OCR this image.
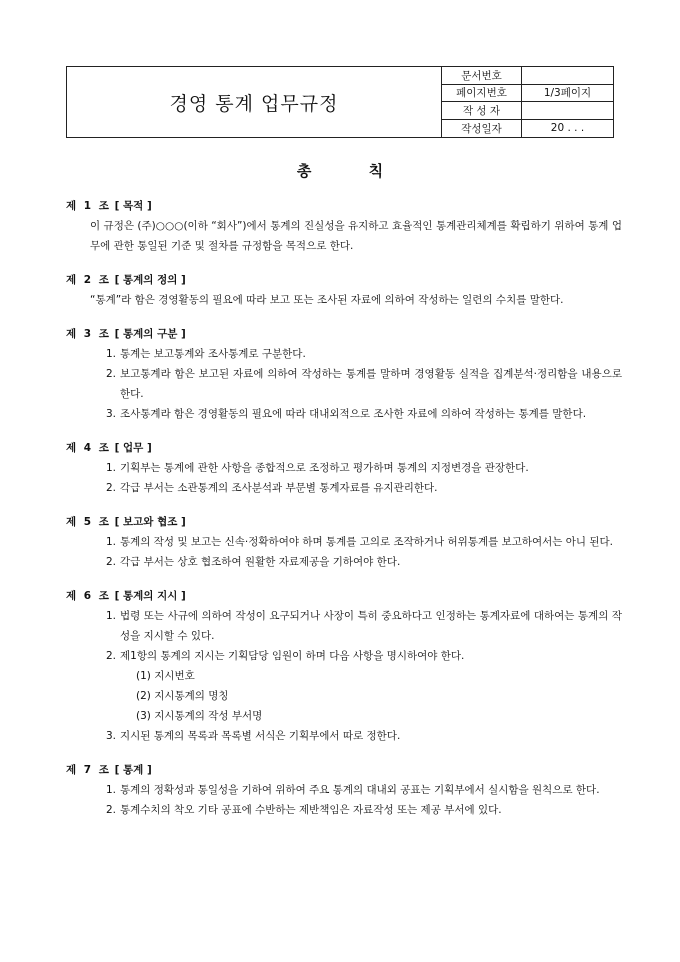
경영 통계 업무규정
문서번호
페이지번호	1/3페이지
작 성 자
작성일자	20 . . .
총 칙
제 1 조 [ 목적 ]
이 규정은 (주)○○○(이하 “회사”)에서 통계의 진실성을 유지하고 효율적인 통계관리체계를 확립하기 위하여 통계 업무에 관한 통일된 기준 및 절차를 규정함을 목적으로 한다.
제 2 조 [ 통계의 정의 ]
“통계”라 함은 경영활동의 필요에 따라 보고 또는 조사된 자료에 의하여 작성하는 일련의 수치를 말한다.
제 3 조 [ 통계의 구분 ]
1. 통계는 보고통계와 조사통계로 구분한다.
2. 보고통계라 함은 보고된 자료에 의하여 작성하는 통계를 말하며 경영활동 실적을 집계분석·정리함을 내용으로 한다.
3. 조사통계라 함은 경영활동의 필요에 따라 대내외적으로 조사한 자료에 의하여 작성하는 통계를 말한다.
제 4 조 [ 업무 ]
1. 기획부는 통계에 관한 사항을 종합적으로 조정하고 평가하며 통계의 지정변경을 관장한다.
2. 각급 부서는 소관통계의 조사분석과 부문별 통계자료를 유지관리한다.
제 5 조 [ 보고와 협조 ]
1. 통계의 작성 및 보고는 신속·정확하여야 하며 통계를 고의로 조작하거나 허위통계를 보고하여서는 아니 된다.
2. 각급 부서는 상호 협조하여 원활한 자료제공을 기하여야 한다.
제 6 조 [ 통계의 지시 ]
1. 법령 또는 사규에 의하여 작성이 요구되거나 사장이 특히 중요하다고 인정하는 통계자료에 대하여는 통계의 작성을 지시할 수 있다.
2. 제1항의 통계의 지시는 기획담당 임원이 하며 다음 사항을 명시하여야 한다.
(1) 지시번호
(2) 지시통계의 명칭
(3) 지시통계의 작성 부서명
3. 지시된 통계의 목록과 목록별 서식은 기획부에서 따로 정한다.
제 7 조 [ 통계 ]
1. 통계의 정확성과 통일성을 기하여 위하여 주요 통계의 대내외 공표는 기획부에서 실시함을 원칙으로 한다.
2. 통계수치의 착오 기타 공표에 수반하는 제반책임은 자료작성 또는 제공 부서에 있다.
